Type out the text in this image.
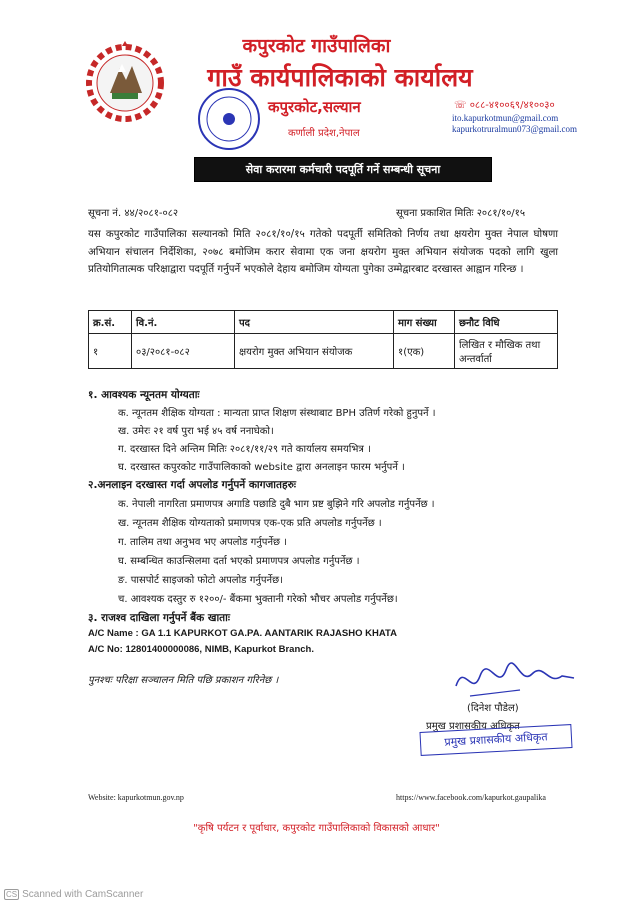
कपुरकोट गाउँपालिका
गाउँ कार्यपालिकाको कार्यालय
कपुरकोट,सल्यान
कर्णाली प्रदेश,नेपाल
☏ ०८८-४१००६९/४१००३०
ito.kapurkotmun@gmail.com
kapurkotruralmun073@gmail.com
सेवा करारमा कर्मचारी पदपूर्ति गर्ने सम्बन्धी सूचना
सूचना नं. ४४/२०८१-०८२	सूचना प्रकाशित मितिः २०८१/१०/१५
यस कपुरकोट गाउँपालिका सल्यानको मिति २०८१/१०/१५ गतेको पदपूर्ती समितिको निर्णय तथा क्षयरोग मुक्त नेपाल घोषणा अभियान संचालन निर्देशिका, २०७८ बमोजिम करार सेवामा एक जना क्षयरोग मुक्त अभियान संयोजक पदको लागि खुला प्रतियोगितात्मक परिक्षाद्वारा पदपूर्ति गर्नुपर्ने भएकोले देहाय बमोजिम योग्यता पुगेका उम्मेद्वारबाट दरखास्त आह्वान गरिन्छ ।
क्र.सं.	वि.नं.	पद	माग संख्या	छनौट विधि
१	०३/२०८१-०८२	क्षयरोग मुक्त अभियान संयोजक	१(एक)	लिखित र मौखिक तथा अन्तर्वार्ता
१. आवश्यक न्यूनतम योग्यताः
क. न्यूनतम शैक्षिक योग्यता : मान्यता प्राप्त शिक्षण संस्थाबाट BPH उतिर्ण गरेको हुनुपर्ने ।
ख. उमेरः २१ वर्ष पुरा भई ४५ वर्ष ननाघेको।
ग. दरखास्त दिने अन्तिम मितिः २०८१/११/२९ गते कार्यालय समयभित्र ।
घ. दरखास्त कपुरकोट गाउँपालिकाको website द्वारा अनलाइन फारम भर्नुपर्ने ।
२.अनलाइन दरखास्त गर्दा अपलोड गर्नुपर्ने कागजातहरुः
क. नेपाली नागरिता प्रमाणपत्र अगाडि पछाडि दुबै भाग प्रष्ट बुझिने गरि अपलोड गर्नुपर्नेछ ।
ख. न्यूनतम शैक्षिक योग्यताको प्रमाणपत्र एक-एक प्रति अपलोड गर्नुपर्नेछ ।
ग. तालिम तथा अनुभव भए अपलोड गर्नुपर्नेछ ।
घ. सम्बन्धित काउन्सिलमा दर्ता भएको प्रमाणपत्र अपलोड गर्नुपर्नेछ ।
ङ. पासपोर्ट साइजको फोटो अपलोड गर्नुपर्नेछ।
च. आवश्यक दस्तुर रु १२००/- बैंकमा भुक्तानी गरेको भौचर अपलोड गर्नुपर्नेछ।
३. राजश्व दाखिला गर्नुपर्ने बैंक खाताः
A/C Name : GA 1.1 KAPURKOT GA.PA. AANTARIK RAJASHO KHATA
A/C No: 12801400000086, NIMB, Kapurkot Branch.
पुनश्चः परिक्षा सञ्चालन मिति पछि प्रकाशन गरिनेछ ।
(दिनेश पौडेल)
प्रमुख प्रशासकीय अधिकृत
प्रमुख प्रशासकीय अधिकृत
Website: kapurkotmun.gov.np	https://www.facebook.com/kapurkot.gaupalika
"कृषि पर्यटन र पूर्वाधार, कपुरकोट गाउँपालिकाको विकासको आधार"
CS Scanned with CamScanner
